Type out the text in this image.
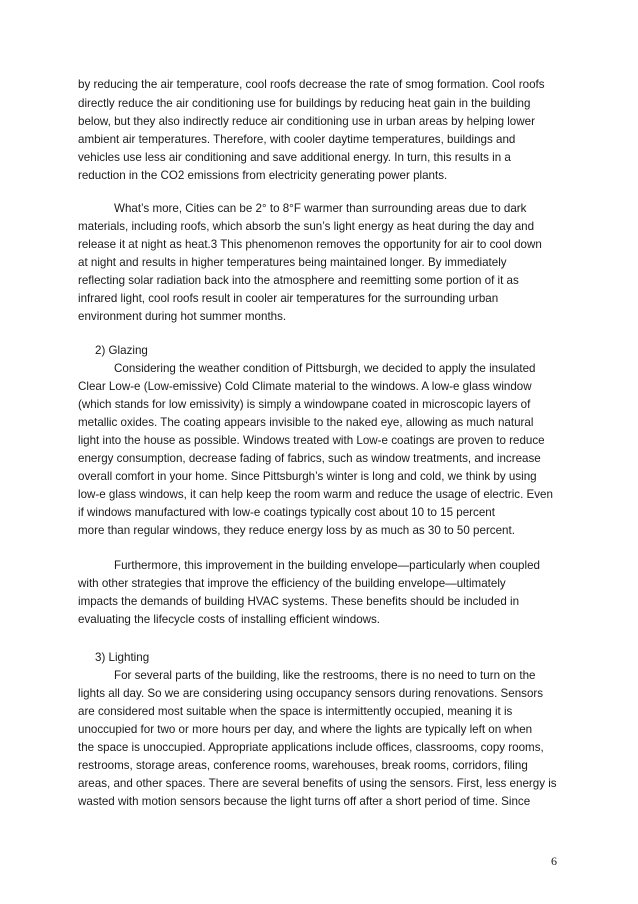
by reducing the air temperature, cool roofs decrease the rate of smog formation. Cool roofs

directly reduce the air conditioning use for buildings by reducing heat gain in the building

below, but they also indirectly reduce air conditioning use in urban areas by helping lower

ambient air temperatures. Therefore, with cooler daytime temperatures, buildings and

vehicles use less air conditioning and save additional energy. In turn, this results in a

reduction in the CO2 emissions from electricity generating power plants.

What’s more, Cities can be 2° to 8°F warmer than surrounding areas due to dark

materials, including roofs, which absorb the sun’s light energy as heat during the day and

release it at night as heat.3 This phenomenon removes the opportunity for air to cool down

at night and results in higher temperatures being maintained longer. By immediately

reflecting solar radiation back into the atmosphere and reemitting some portion of it as

infrared light, cool roofs result in cooler air temperatures for the surrounding urban

environment during hot summer months.

2) Glazing

Considering the weather condition of Pittsburgh, we decided to apply the insulated

Clear Low-e (Low-emissive) Cold Climate material to the windows. A low-e glass window

(which stands for low emissivity) is simply a windowpane coated in microscopic layers of

metallic oxides. The coating appears invisible to the naked eye, allowing as much natural

light into the house as possible. Windows treated with Low-e coatings are proven to reduce

energy consumption, decrease fading of fabrics, such as window treatments, and increase

overall comfort in your home. Since Pittsburgh’s winter is long and cold, we think by using

low-e glass windows, it can help keep the room warm and reduce the usage of electric. Even

if windows manufactured with low-e coatings typically cost about 10 to 15 percent

more than regular windows, they reduce energy loss by as much as 30 to 50 percent.

Furthermore, this improvement in the building envelope—particularly when coupled

with other strategies that improve the efficiency of the building envelope—ultimately

impacts the demands of building HVAC systems. These benefits should be included in

evaluating the lifecycle costs of installing efficient windows.

3) Lighting

For several parts of the building, like the restrooms, there is no need to turn on the

lights all day. So we are considering using occupancy sensors during renovations. Sensors

are considered most suitable when the space is intermittently occupied, meaning it is

unoccupied for two or more hours per day, and where the lights are typically left on when

the space is unoccupied. Appropriate applications include offices, classrooms, copy rooms,

restrooms, storage areas, conference rooms, warehouses, break rooms, corridors, filing

areas, and other spaces. There are several benefits of using the sensors. First, less energy is

wasted with motion sensors because the light turns off after a short period of time. Since

6
